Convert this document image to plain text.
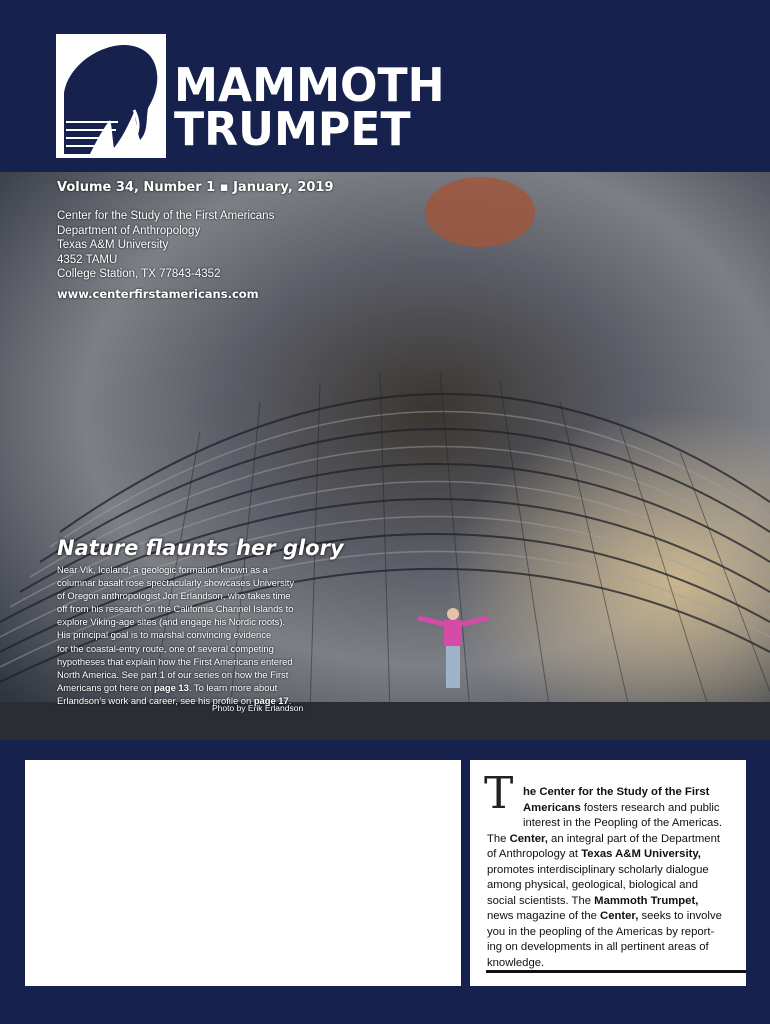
MAMMOTH
TRUMPET
Volume 34, Number 1 ▪ January, 2019
Center for the Study of the First Americans
Department of Anthropology
Texas A&M University
4352 TAMU
College Station, TX 77843-4352
www.centerfirstamericans.com
Nature flaunts her glory
Near Vik, Iceland, a geologic formation known as a
columnar basalt rose spectacularly showcases University
of Oregon anthropologist Jon Erlandson, who takes time
off from his research on the California Channel Islands to
explore Viking-age sites (and engage his Nordic roots).
His principal goal is to marshal convincing evidence
for the coastal-entry route, one of several competing
hypotheses that explain how the First Americans entered
North America. See part 1 of our series on how the First
Americans got here on page 13. To learn more about
Erlandson’s work and career, see his profile on page 17.
Photo by Erik Erlandson
T he Center for the Study of the First
Americans fosters research and public
interest in the Peopling of the Americas.
The Center, an integral part of the Department
of Anthropology at Texas A&M University,
promotes interdisciplinary scholarly dialogue
among physical, geological, biological and
social scientists. The Mammoth Trumpet,
news magazine of the Center, seeks to involve
you in the peopling of the Americas by report-
ing on developments in all pertinent areas of
knowledge.
